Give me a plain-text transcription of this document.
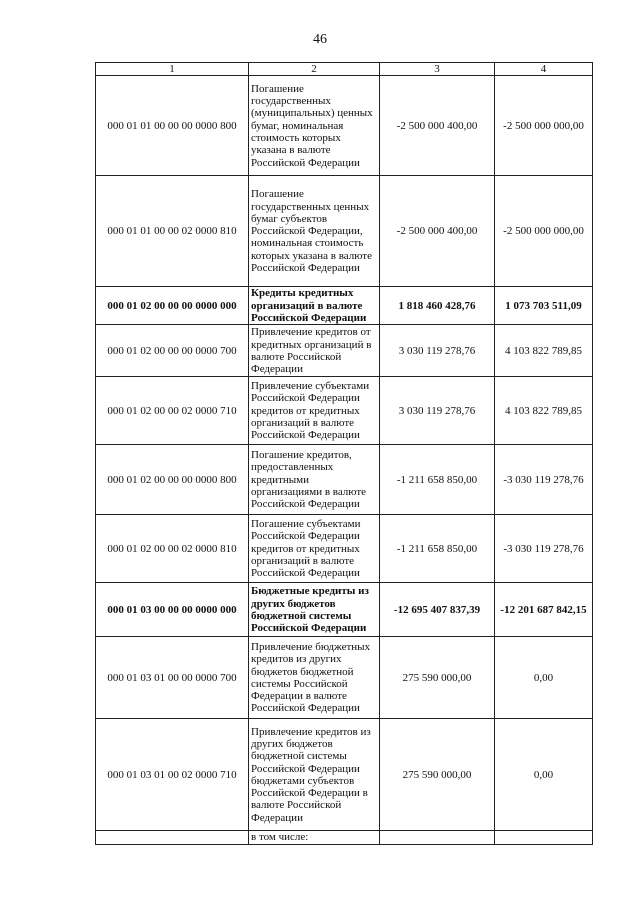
46
1	2	3	4
000 01 01 00 00 00 0000 800	Погашение государственных (муниципальных) ценных бумаг, номинальная стоимость которых указана в валюте Российской Федерации	-2 500 000 400,00	-2 500 000 000,00
000 01 01 00 00 02 0000 810	Погашение государственных ценных бумаг субъектов Российской Федерации, номинальная стоимость которых указана в валюте Российской Федерации	-2 500 000 400,00	-2 500 000 000,00
000 01 02 00 00 00 0000 000	Кредиты кредитных организаций в валюте Российской Федерации	1 818 460 428,76	1 073 703 511,09
000 01 02 00 00 00 0000 700	Привлечение кредитов от кредитных организаций в валюте Российской Федерации	3 030 119 278,76	4 103 822 789,85
000 01 02 00 00 02 0000 710	Привлечение субъектами Российской Федерации кредитов от кредитных организаций в валюте Российской Федерации	3 030 119 278,76	4 103 822 789,85
000 01 02 00 00 00 0000 800	Погашение кредитов, предоставленных кредитными организациями в валюте Российской Федерации	-1 211 658 850,00	-3 030 119 278,76
000 01 02 00 00 02 0000 810	Погашение субъектами Российской Федерации кредитов от кредитных организаций в валюте Российской Федерации	-1 211 658 850,00	-3 030 119 278,76
000 01 03 00 00 00 0000 000	Бюджетные кредиты из других бюджетов бюджетной системы Российской Федерации	-12 695 407 837,39	-12 201 687 842,15
000 01 03 01 00 00 0000 700	Привлечение бюджетных кредитов из других бюджетов бюджетной системы Российской Федерации в валюте Российской Федерации	275 590 000,00	0,00
000 01 03 01 00 02 0000 710	Привлечение кредитов из других бюджетов бюджетной системы Российской Федерации бюджетами субъектов Российской Федерации в валюте Российской Федерации	275 590 000,00	0,00
	в том числе:		
